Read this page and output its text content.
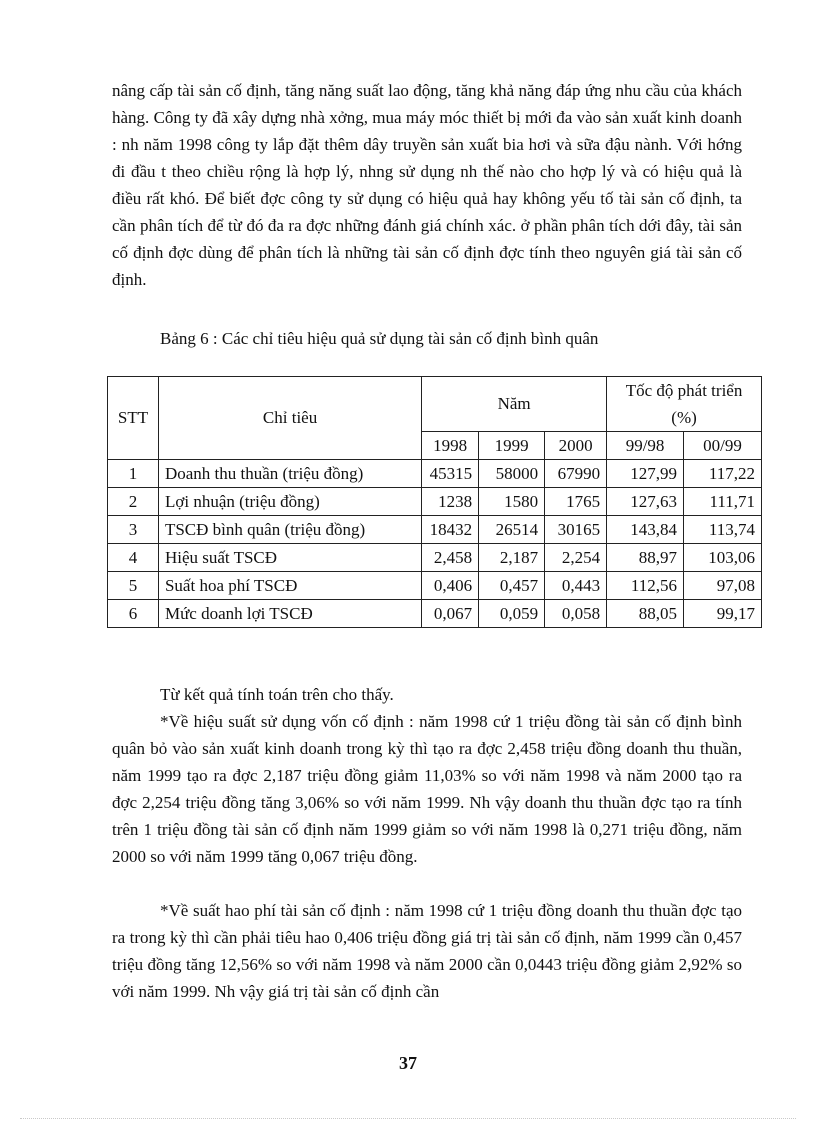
nâng cấp tài sản cố định, tăng năng suất lao động, tăng khả năng đáp ứng nhu cầu của khách hàng. Công ty đã xây dựng nhà xởng, mua máy móc thiết bị mới đa vào sản xuất kinh doanh : nh năm 1998 công ty lắp đặt thêm dây truyền sản xuất bia hơi và sữa đậu nành. Với hớng đi đầu t theo chiều rộng là hợp lý, nhng sử dụng nh thế nào cho hợp lý và có hiệu quả là điều rất khó. Để biết đợc công ty sử dụng có hiệu quả hay không yếu tố tài sản cố định, ta cần phân tích để từ đó đa ra đợc những đánh giá chính xác. ở phần phân tích dới đây, tài sản cố định đợc dùng để phân tích là những tài sản cố định đợc tính theo nguyên giá tài sản cố định.

Bảng 6 : Các chỉ tiêu hiệu quả sử dụng tài sản cố định bình quân

STT	Chỉ tiêu	Năm			Tốc độ phát triển (%)	
		1998	1999	2000	99/98	00/99
1	Doanh thu thuần (triệu đồng)	45315	58000	67990	127,99	117,22
2	Lợi nhuận (triệu đồng)	1238	1580	1765	127,63	111,71
3	TSCĐ bình quân (triệu đồng)	18432	26514	30165	143,84	113,74
4	Hiệu suất TSCĐ	2,458	2,187	2,254	88,97	103,06
5	Suất hoa phí TSCĐ	0,406	0,457	0,443	112,56	97,08
6	Mức doanh lợi TSCĐ	0,067	0,059	0,058	88,05	99,17

Từ kết quả tính toán trên cho thấy.

*Về hiệu suất sử dụng vốn cố định : năm 1998 cứ 1 triệu đồng tài sản cố định bình quân bỏ vào sản xuất kinh doanh trong kỳ thì tạo ra đợc 2,458 triệu đồng doanh thu thuần, năm 1999 tạo ra đợc 2,187 triệu đồng giảm 11,03% so với năm 1998 và năm 2000 tạo ra đợc 2,254 triệu đồng tăng 3,06% so với năm 1999. Nh vậy doanh thu thuần đợc tạo ra tính trên 1 triệu đồng tài sản cố định năm 1999 giảm so với năm 1998 là 0,271 triệu đồng, năm 2000 so với năm 1999 tăng 0,067 triệu đồng.

*Về suất hao phí tài sản cố định : năm 1998 cứ 1 triệu đồng doanh thu thuần đợc tạo ra trong kỳ thì cần phải tiêu hao 0,406 triệu đồng giá trị tài sản cố định, năm 1999 cần 0,457 triệu đồng tăng 12,56% so với năm 1998 và năm 2000 cần 0,0443 triệu đồng giảm 2,92% so với năm 1999. Nh vậy giá trị tài sản cố định cần

37
